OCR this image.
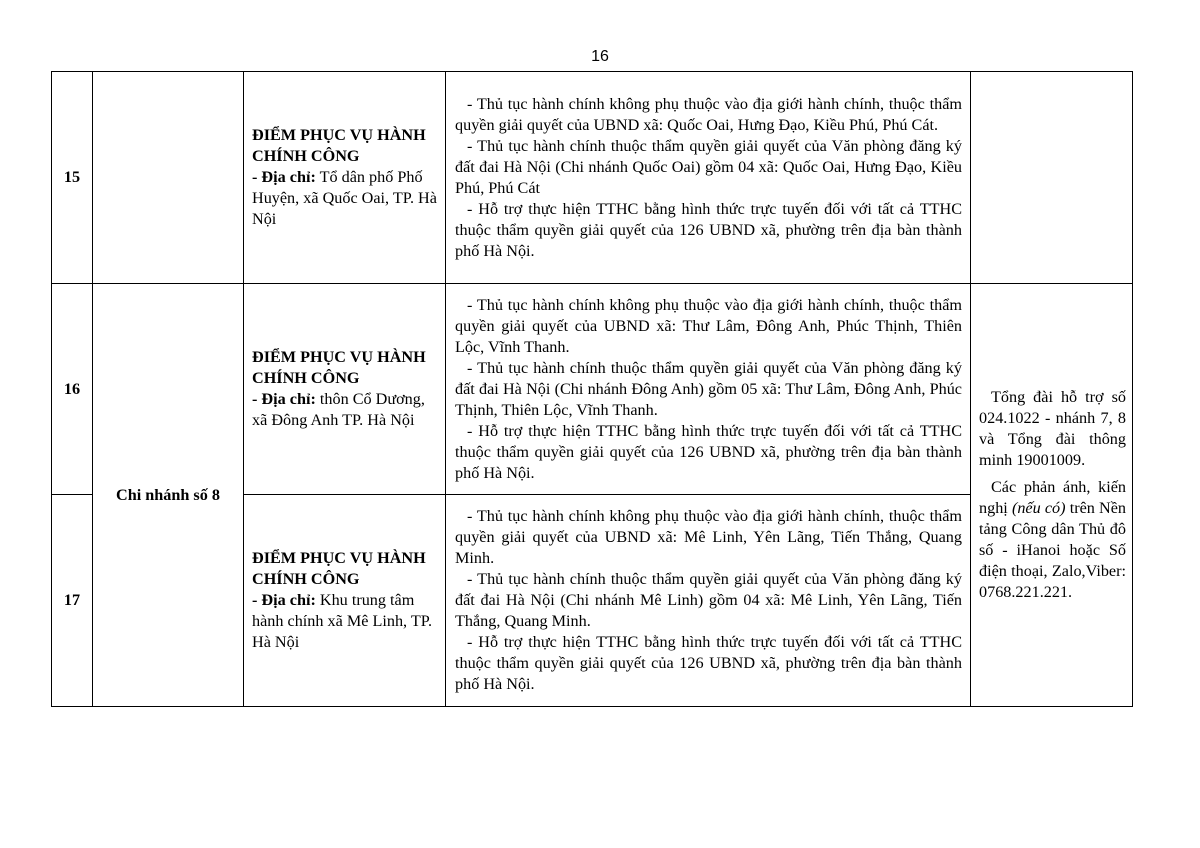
16
15		ĐIỂM PHỤC VỤ HÀNH CHÍNH CÔNG
- Địa chỉ: Tổ dân phố Phố Huyện, xã Quốc Oai, TP. Hà Nội	- Thủ tục hành chính không phụ thuộc vào địa giới hành chính, thuộc thẩm quyền giải quyết của UBND xã: Quốc Oai, Hưng Đạo, Kiều Phú, Phú Cát.
- Thủ tục hành chính thuộc thẩm quyền giải quyết của Văn phòng đăng ký đất đai Hà Nội (Chi nhánh Quốc Oai) gồm 04 xã: Quốc Oai, Hưng Đạo, Kiều Phú, Phú Cát
- Hỗ trợ thực hiện TTHC bằng hình thức trực tuyến đối với tất cả TTHC thuộc thẩm quyền giải quyết của 126 UBND xã, phường trên địa bàn thành phố Hà Nội.	

16	Chi nhánh số 8	ĐIỂM PHỤC VỤ HÀNH CHÍNH CÔNG
- Địa chỉ: thôn Cổ Dương, xã Đông Anh TP. Hà Nội	- Thủ tục hành chính không phụ thuộc vào địa giới hành chính, thuộc thẩm quyền giải quyết của UBND xã: Thư Lâm, Đông Anh, Phúc Thịnh, Thiên Lộc, Vĩnh Thanh.
- Thủ tục hành chính thuộc thẩm quyền giải quyết của Văn phòng đăng ký đất đai Hà Nội (Chi nhánh Đông Anh) gồm 05 xã: Thư Lâm, Đông Anh, Phúc Thịnh, Thiên Lộc, Vĩnh Thanh.
- Hỗ trợ thực hiện TTHC bằng hình thức trực tuyến đối với tất cả TTHC thuộc thẩm quyền giải quyết của 126 UBND xã, phường trên địa bàn thành phố Hà Nội.	Tổng đài hỗ trợ số 024.1022 - nhánh 7, 8 và Tổng đài thông minh 19001009.
Các phản ánh, kiến nghị (nếu có) trên Nền tảng Công dân Thủ đô số - iHanoi hoặc Số điện thoại, Zalo,Viber: 0768.221.221.

17		ĐIỂM PHỤC VỤ HÀNH CHÍNH CÔNG
- Địa chỉ: Khu trung tâm hành chính xã Mê Linh, TP. Hà Nội	- Thủ tục hành chính không phụ thuộc vào địa giới hành chính, thuộc thẩm quyền giải quyết của UBND xã: Mê Linh, Yên Lãng, Tiến Thắng, Quang Minh.
- Thủ tục hành chính thuộc thẩm quyền giải quyết của Văn phòng đăng ký đất đai Hà Nội (Chi nhánh Mê Linh) gồm 04 xã: Mê Linh, Yên Lãng, Tiến Thắng, Quang Minh.
- Hỗ trợ thực hiện TTHC bằng hình thức trực tuyến đối với tất cả TTHC thuộc thẩm quyền giải quyết của 126 UBND xã, phường trên địa bàn thành phố Hà Nội.	
